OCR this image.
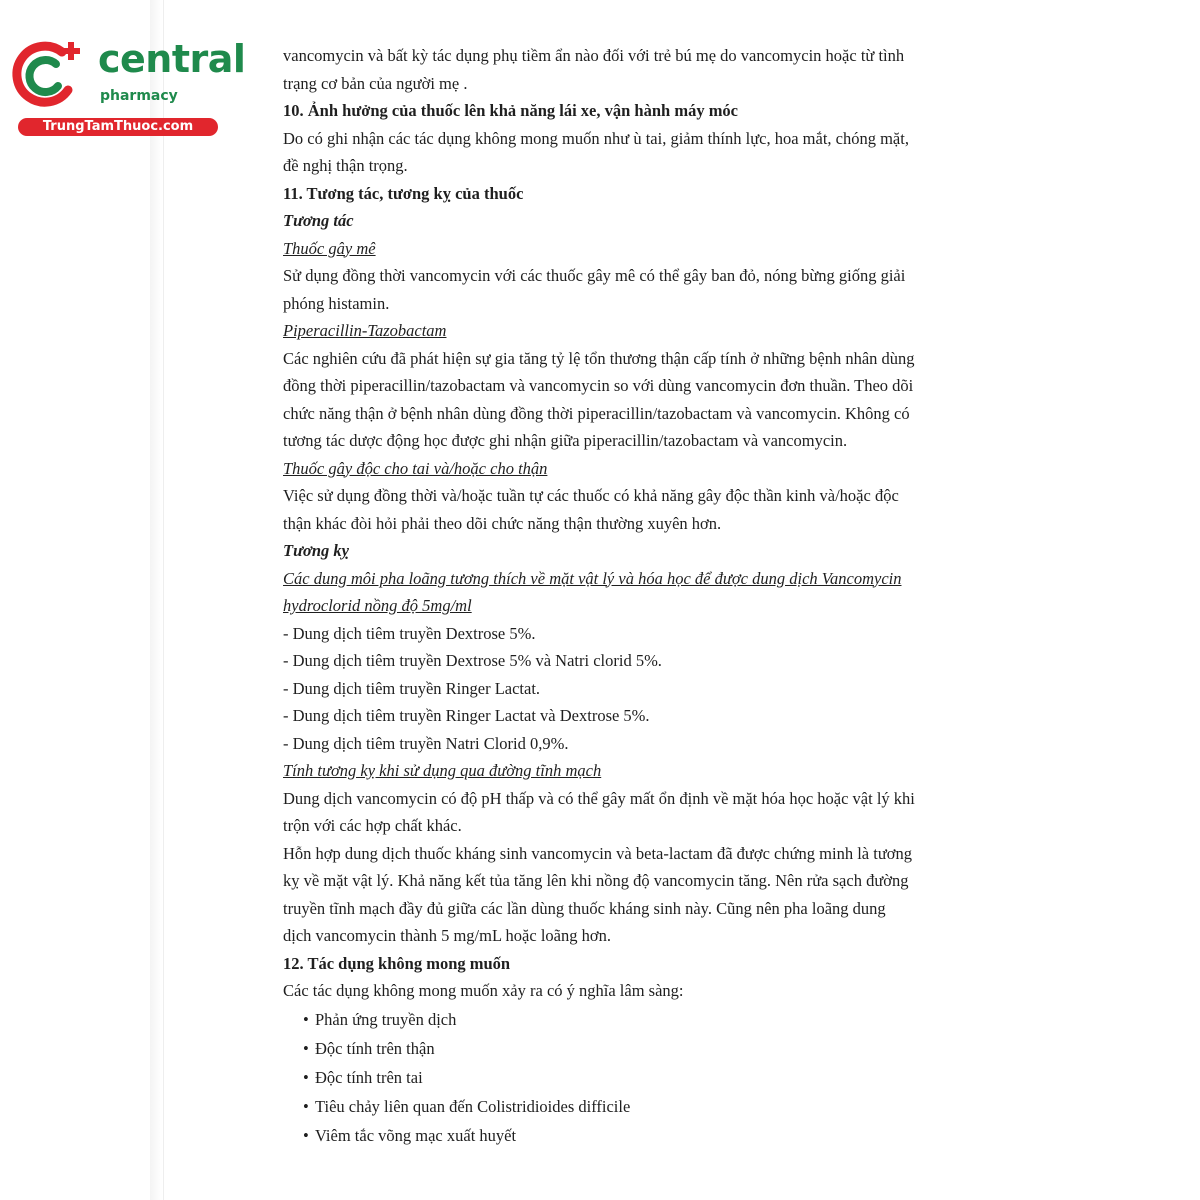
central
pharmacy
TrungTamThuoc.com

vancomycin và bất kỳ tác dụng phụ tiềm ẩn nào đối với trẻ bú mẹ do vancomycin hoặc từ tình

trạng cơ bản của người mẹ .

10. Ảnh hưởng của thuốc lên khả năng lái xe, vận hành máy móc

Do có ghi nhận các tác dụng không mong muốn như ù tai, giảm thính lực, hoa mắt, chóng mặt,

đề nghị thận trọng.

11. Tương tác, tương kỵ của thuốc

Tương tác

Thuốc gây mê

Sử dụng đồng thời vancomycin với các thuốc gây mê có thể gây ban đỏ, nóng bừng giống giải

phóng histamin.

Piperacillin-Tazobactam

Các nghiên cứu đã phát hiện sự gia tăng tỷ lệ tổn thương thận cấp tính ở những bệnh nhân dùng

đồng thời piperacillin/tazobactam và vancomycin so với dùng vancomycin đơn thuần. Theo dõi

chức năng thận ở bệnh nhân dùng đồng thời piperacillin/tazobactam và vancomycin. Không có

tương tác dược động học được ghi nhận giữa piperacillin/tazobactam và vancomycin.

Thuốc gây độc cho tai và/hoặc cho thận

Việc sử dụng đồng thời và/hoặc tuần tự các thuốc có khả năng gây độc thần kinh và/hoặc độc

thận khác đòi hỏi phải theo dõi chức năng thận thường xuyên hơn.

Tương kỵ

Các dung môi pha loãng tương thích về mặt vật lý và hóa học để được dung dịch Vancomycin

hydroclorid nồng độ 5mg/ml

- Dung dịch tiêm truyền Dextrose 5%.

- Dung dịch tiêm truyền Dextrose 5% và Natri clorid 5%.

- Dung dịch tiêm truyền Ringer Lactat.

- Dung dịch tiêm truyền Ringer Lactat và Dextrose 5%.

- Dung dịch tiêm truyền Natri Clorid 0,9%.

Tính tương kỵ khi sử dụng qua đường tĩnh mạch

Dung dịch vancomycin có độ pH thấp và có thể gây mất ổn định về mặt hóa học hoặc vật lý khi

trộn với các hợp chất khác.

Hỗn hợp dung dịch thuốc kháng sinh vancomycin và beta-lactam đã được chứng minh là tương

kỵ về mặt vật lý. Khả năng kết tủa tăng lên khi nồng độ vancomycin tăng. Nên rửa sạch đường

truyền tĩnh mạch đầy đủ giữa các lần dùng thuốc kháng sinh này. Cũng nên pha loãng dung

dịch vancomycin thành 5 mg/mL hoặc loãng hơn.

12. Tác dụng không mong muốn

Các tác dụng không mong muốn xảy ra có ý nghĩa lâm sàng:

• Phản ứng truyền dịch

• Độc tính trên thận

• Độc tính trên tai

• Tiêu chảy liên quan đến Colistridioides difficile

• Viêm tắc võng mạc xuất huyết
